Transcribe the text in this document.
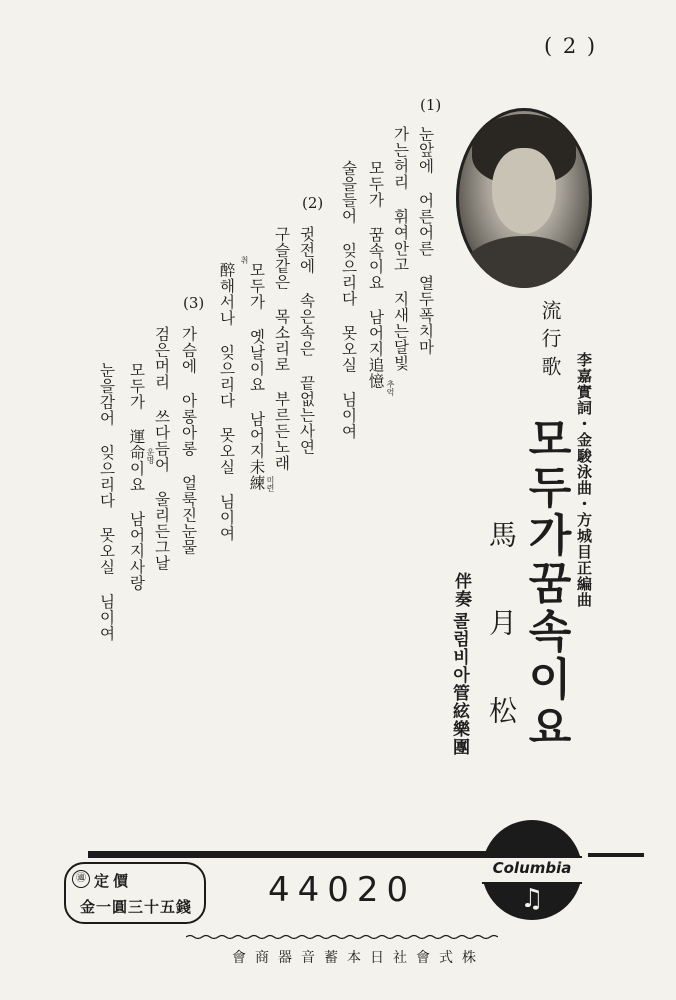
( 2 )
李嘉實詞・金駿泳曲・方城目正編曲
流行歌
모두가꿈속이요
馬月松
伴奏
콜럼비아管絃樂團
(1)
눈앞에 어른어른 열두폭치마
가는허리 휘여안고 지새는달빛
모두가 꿈속이요 남어지追憶 추억
술을들어 잊으리다 못오실 님이여
(2)
귓전에 속은속은 끝없는사연
구슬같은 목소리로 부르든노래
모두가 옛날이요 남어지未練 미련
취
醉해서나 잊으리다 못오실 님이여
(3)
가슴에 아롱아롱 얼룩진눈물
검은머리 쓰다듬어 울리든그날
모두가 運命이요 남어지사랑 운명
눈을감어 잊으리다 못오실 님이여
Columbia
♫
㊜ 定價
金一圓三十五錢 44020
會商器音蓄本日社會式株
